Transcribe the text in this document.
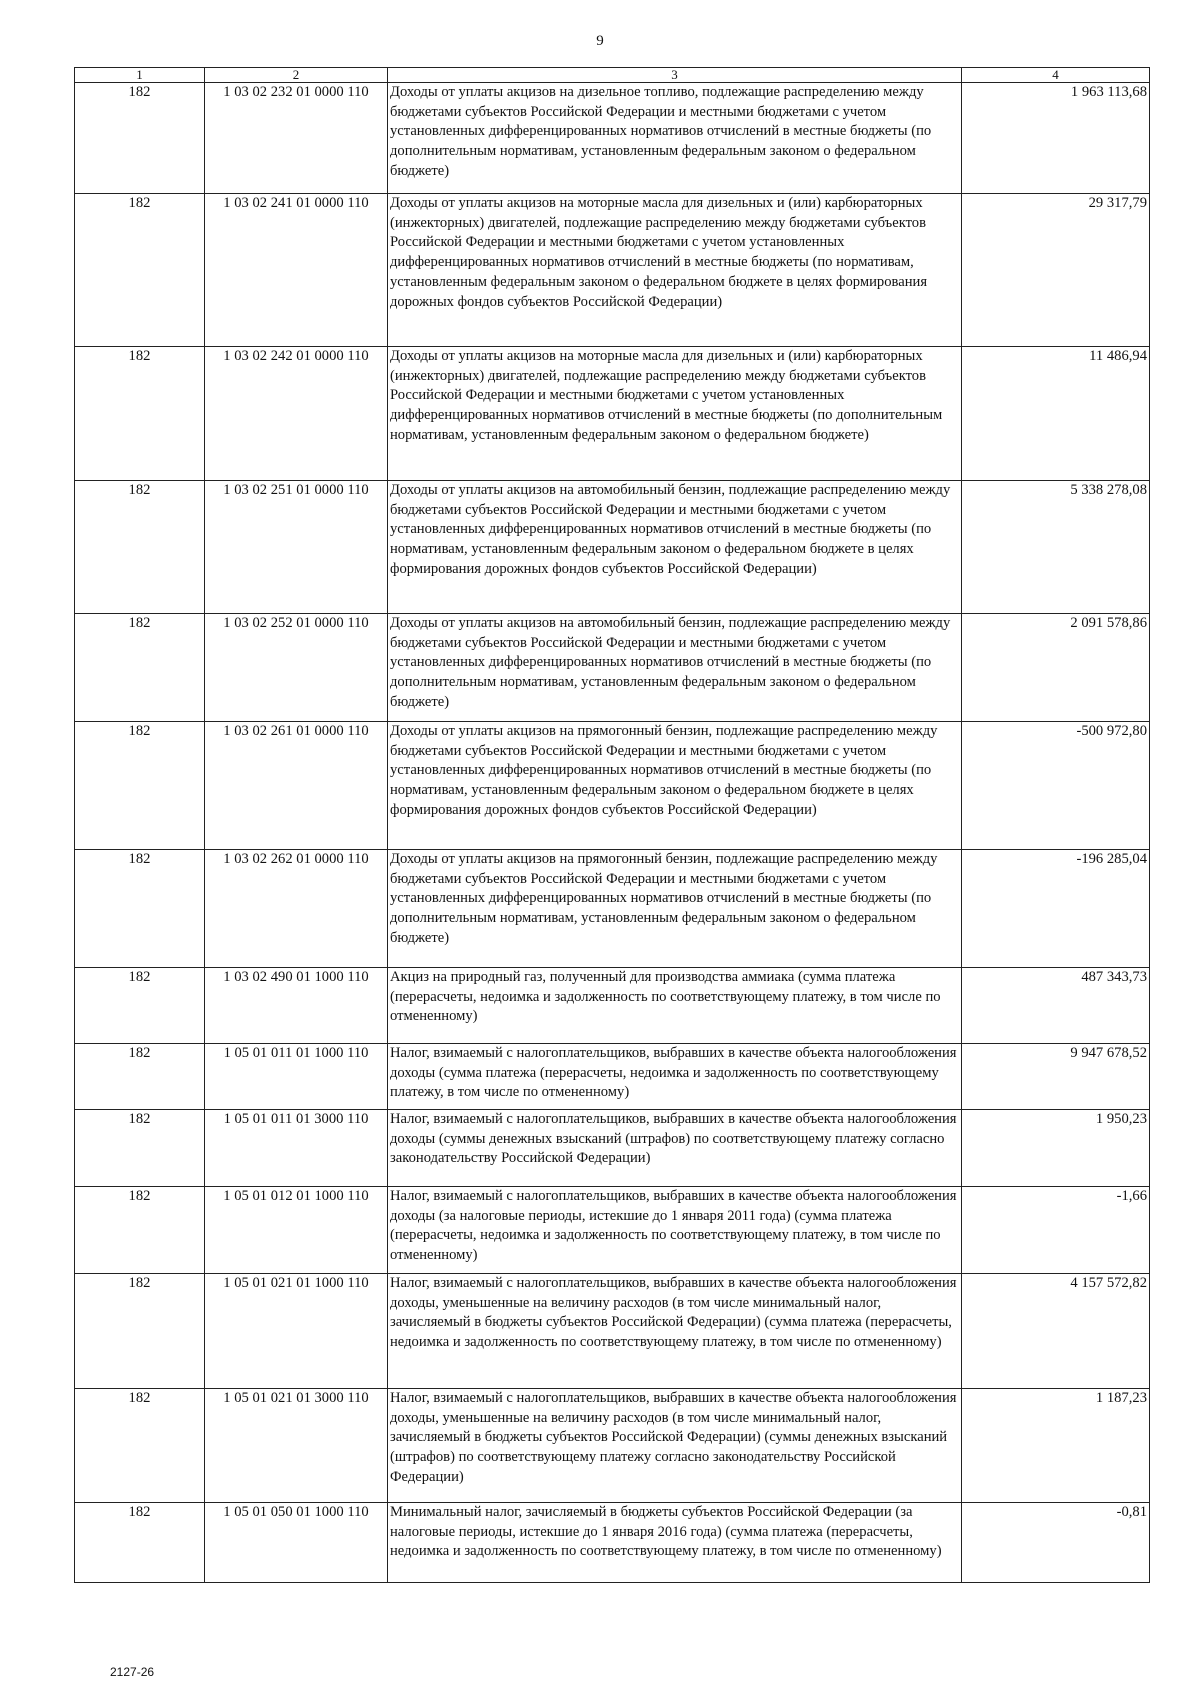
9
1	2	3	4
182	1 03 02 232 01 0000 110	Доходы от уплаты акцизов на дизельное топливо, подлежащие распределению между бюджетами субъектов Российской Федерации и местными бюджетами с учетом установленных дифференцированных нормативов отчислений в местные бюджеты (по дополнительным нормативам, установленным федеральным законом о федеральном бюджете)	1 963 113,68
182	1 03 02 241 01 0000 110	Доходы от уплаты акцизов на моторные масла для дизельных и (или) карбюраторных (инжекторных) двигателей, подлежащие распределению между бюджетами субъектов Российской Федерации и местными бюджетами с учетом установленных дифференцированных нормативов отчислений в местные бюджеты (по нормативам, установленным федеральным законом о федеральном бюджете в целях формирования дорожных фондов субъектов Российской Федерации)	29 317,79
182	1 03 02 242 01 0000 110	Доходы от уплаты акцизов на моторные масла для дизельных и (или) карбюраторных (инжекторных) двигателей, подлежащие распределению между бюджетами субъектов Российской Федерации и местными бюджетами с учетом установленных дифференцированных нормативов отчислений в местные бюджеты (по дополнительным нормативам, установленным федеральным законом о федеральном бюджете)	11 486,94
182	1 03 02 251 01 0000 110	Доходы от уплаты акцизов на автомобильный бензин, подлежащие распределению между бюджетами субъектов Российской Федерации и местными бюджетами с учетом установленных дифференцированных нормативов отчислений в местные бюджеты (по нормативам, установленным федеральным законом о федеральном бюджете в целях формирования дорожных фондов субъектов Российской Федерации)	5 338 278,08
182	1 03 02 252 01 0000 110	Доходы от уплаты акцизов на автомобильный бензин, подлежащие распределению между бюджетами субъектов Российской Федерации и местными бюджетами с учетом установленных дифференцированных нормативов отчислений в местные бюджеты (по дополнительным нормативам, установленным федеральным законом о федеральном бюджете)	2 091 578,86
182	1 03 02 261 01 0000 110	Доходы от уплаты акцизов на прямогонный бензин, подлежащие распределению между бюджетами субъектов Российской Федерации и местными бюджетами с учетом установленных дифференцированных нормативов отчислений в местные бюджеты (по нормативам, установленным федеральным законом о федеральном бюджете в целях формирования дорожных фондов субъектов Российской Федерации)	-500 972,80
182	1 03 02 262 01 0000 110	Доходы от уплаты акцизов на прямогонный бензин, подлежащие распределению между бюджетами субъектов Российской Федерации и местными бюджетами с учетом установленных дифференцированных нормативов отчислений в местные бюджеты (по дополнительным нормативам, установленным федеральным законом о федеральном бюджете)	-196 285,04
182	1 03 02 490 01 1000 110	Акциз на природный газ, полученный для производства аммиака (сумма платежа (перерасчеты, недоимка и задолженность по соответствующему платежу, в том числе по отмененному)	487 343,73
182	1 05 01 011 01 1000 110	Налог, взимаемый с налогоплательщиков, выбравших в качестве объекта налогообложения доходы (сумма платежа (перерасчеты, недоимка и задолженность по соответствующему платежу, в том числе по отмененному)	9 947 678,52
182	1 05 01 011 01 3000 110	Налог, взимаемый с налогоплательщиков, выбравших в качестве объекта налогообложения доходы (суммы денежных взысканий (штрафов) по соответствующему платежу согласно законодательству Российской Федерации)	1 950,23
182	1 05 01 012 01 1000 110	Налог, взимаемый с налогоплательщиков, выбравших в качестве объекта налогообложения доходы (за налоговые периоды, истекшие до 1 января 2011 года) (сумма платежа (перерасчеты, недоимка и задолженность по соответствующему платежу, в том числе по отмененному)	-1,66
182	1 05 01 021 01 1000 110	Налог, взимаемый с налогоплательщиков, выбравших в качестве объекта налогообложения доходы, уменьшенные на величину расходов (в том числе минимальный налог, зачисляемый в бюджеты субъектов Российской Федерации) (сумма платежа (перерасчеты, недоимка и задолженность по соответствующему платежу, в том числе по отмененному)	4 157 572,82
182	1 05 01 021 01 3000 110	Налог, взимаемый с налогоплательщиков, выбравших в качестве объекта налогообложения доходы, уменьшенные на величину расходов (в том числе минимальный налог, зачисляемый в бюджеты субъектов Российской Федерации) (суммы денежных взысканий (штрафов) по соответствующему платежу согласно законодательству Российской Федерации)	1 187,23
182	1 05 01 050 01 1000 110	Минимальный налог, зачисляемый в бюджеты субъектов Российской Федерации (за налоговые периоды, истекшие до 1 января 2016 года) (сумма платежа (перерасчеты, недоимка и задолженность по соответствующему платежу, в том числе по отмененному)	-0,81
2127-26
